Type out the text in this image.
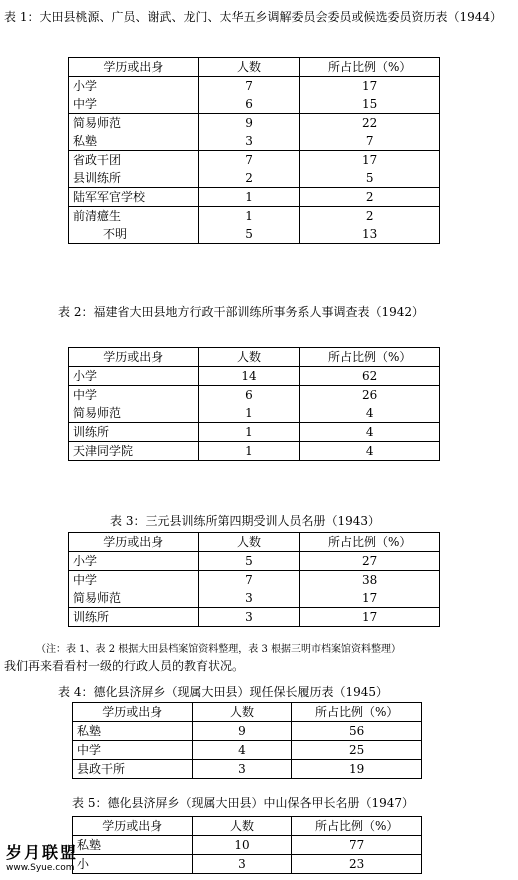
表 1：大田县桃源、广员、谢武、龙门、太华五乡调解委员会委员或候选委员资历表（1944）
学历或出身	人数	所占比例（%）
小学	7	17
中学	6	15
简易师范	9	22
私塾	3	7
省政干团	7	17
县训练所	2	5
陆军军官学校	1	2
前清癔生	1	2
不明	5	13
表 2：福建省大田县地方行政干部训练所事务系人事调查表（1942）
学历或出身	人数	所占比例（%）
小学	14	62
中学	6	26
简易师范	1	4
训练所	1	4
天津同学院	1	4
表 3：三元县训练所第四期受训人员名册（1943）
学历或出身	人数	所占比例（%）
小学	5	27
中学	7	38
简易师范	3	17
训练所	3	17
（注：表 1、表 2 根据大田县档案馆资料整理，表 3 根据三明市档案馆资料整理）
我们再来看看村一级的行政人员的教育状况。
表 4：德化县济屏乡（现属大田县）现任保长履历表（1945）
学历或出身	人数	所占比例（%）
私塾	9	56
中学	4	25
县政干所	3	19
表 5：德化县济屏乡（现属大田县）中山保各甲长名册（1947）
学历或出身	人数	所占比例（%）
私塾	10	77
小	3	23
岁月联盟
www.Syue.com
